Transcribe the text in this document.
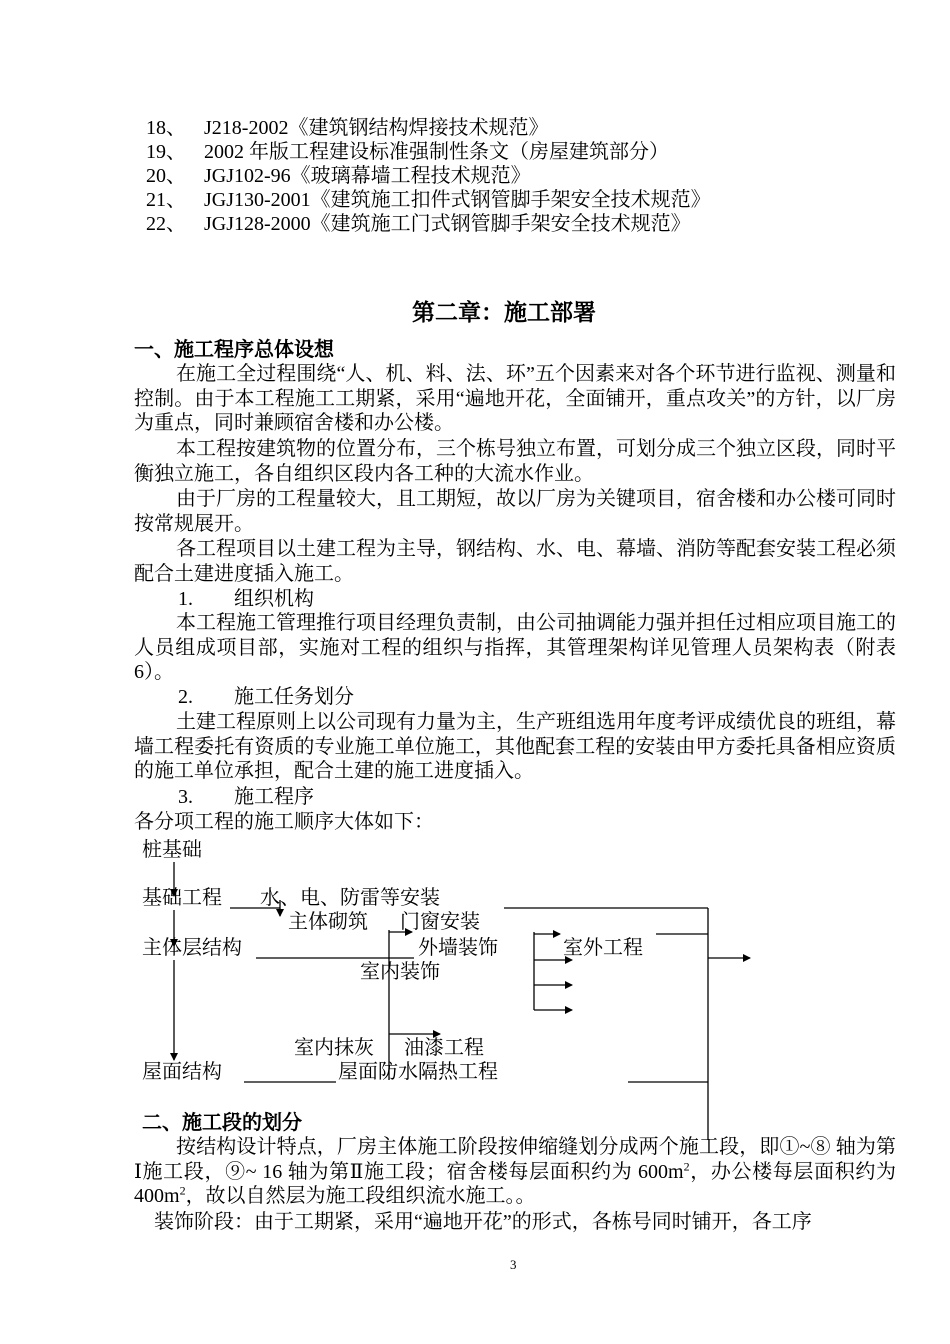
18、 J218-2002《建筑钢结构焊接技术规范》
19、 2002 年版工程建设标准强制性条文（房屋建筑部分）
20、 JGJ102-96《玻璃幕墙工程技术规范》
21、 JGJ130-2001《建筑施工扣件式钢管脚手架安全技术规范》
22、 JGJ128-2000《建筑施工门式钢管脚手架安全技术规范》
第二章：施工部署
一、施工程序总体设想

在施工全过程围绕“人、机、料、法、环”五个因素来对各个环节进行监视、测量和控制。由于本工程施工工期紧，采用“遍地开花，全面铺开，重点攻关”的方针，以厂房为重点，同时兼顾宿舍楼和办公楼。

本工程按建筑物的位置分布，三个栋号独立布置，可划分成三个独立区段，同时平衡独立施工，各自组织区段内各工种的大流水作业。

由于厂房的工程量较大，且工期短，故以厂房为关键项目，宿舍楼和办公楼可同时按常规展开。

各工程项目以土建工程为主导，钢结构、水、电、幕墙、消防等配套安装工程必须配合土建进度插入施工。

1. 组织机构

本工程施工管理推行项目经理负责制，由公司抽调能力强并担任过相应项目施工的人员组成项目部，实施对工程的组织与指挥，其管理架构详见管理人员架构表（附表 6）。

2. 施工任务划分

土建工程原则上以公司现有力量为主，生产班组选用年度考评成绩优良的班组，幕墙工程委托有资质的专业施工单位施工，其他配套工程的安装由甲方委托具备相应资质的施工单位承担，配合土建的施工进度插入。

3. 施工程序
各分项工程的施工顺序大体如下：
桩基础
基础工程 水、电、防雷等安装
主体砌筑 门窗安装
主体层结构	外墙装饰	室外工程
室内装饰
室内抹灰 油漆工程
屋面结构	屋面防水隔热工程
二、施工段的划分

按结构设计特点，厂房主体施工阶段按伸缩缝划分成两个施工段，即①~⑧ 轴为第Ⅰ施工段，⑨~ 16 轴为第Ⅱ施工段；宿舍楼每层面积约为 $600m^2$，办公楼每层面积约为 $400m^2$，故以自然层为施工段组织流水施工。。

装饰阶段：由于工期紧，采用“遍地开花”的形式，各栋号同时铺开，各工序
3
